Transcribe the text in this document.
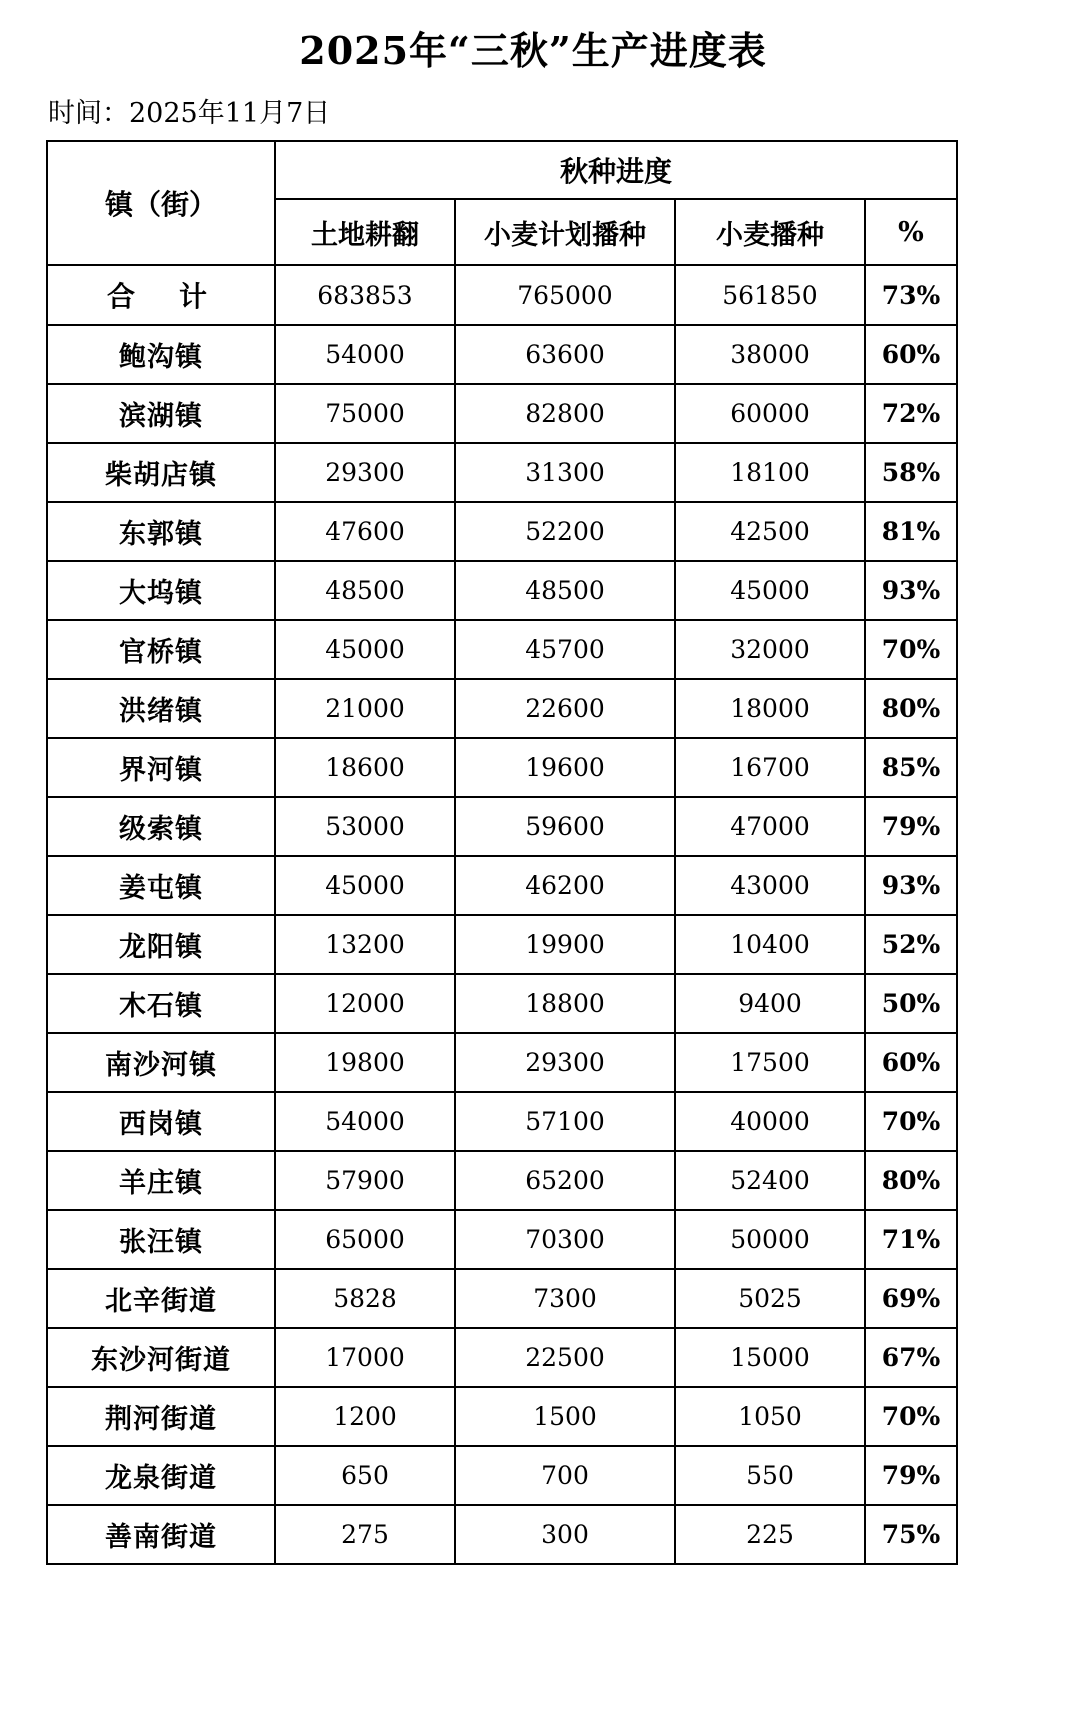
2025年“三秋”生产进度表
时间：2025年11月7日
镇（街）	秋种进度			
	土地耕翻	小麦计划播种	小麦播种	%
合　计	683853	765000	561850	73%
鲍沟镇	54000	63600	38000	60%
滨湖镇	75000	82800	60000	72%
柴胡店镇	29300	31300	18100	58%
东郭镇	47600	52200	42500	81%
大坞镇	48500	48500	45000	93%
官桥镇	45000	45700	32000	70%
洪绪镇	21000	22600	18000	80%
界河镇	18600	19600	16700	85%
级索镇	53000	59600	47000	79%
姜屯镇	45000	46200	43000	93%
龙阳镇	13200	19900	10400	52%
木石镇	12000	18800	9400	50%
南沙河镇	19800	29300	17500	60%
西岗镇	54000	57100	40000	70%
羊庄镇	57900	65200	52400	80%
张汪镇	65000	70300	50000	71%
北辛街道	5828	7300	5025	69%
东沙河街道	17000	22500	15000	67%
荆河街道	1200	1500	1050	70%
龙泉街道	650	700	550	79%
善南街道	275	300	225	75%
